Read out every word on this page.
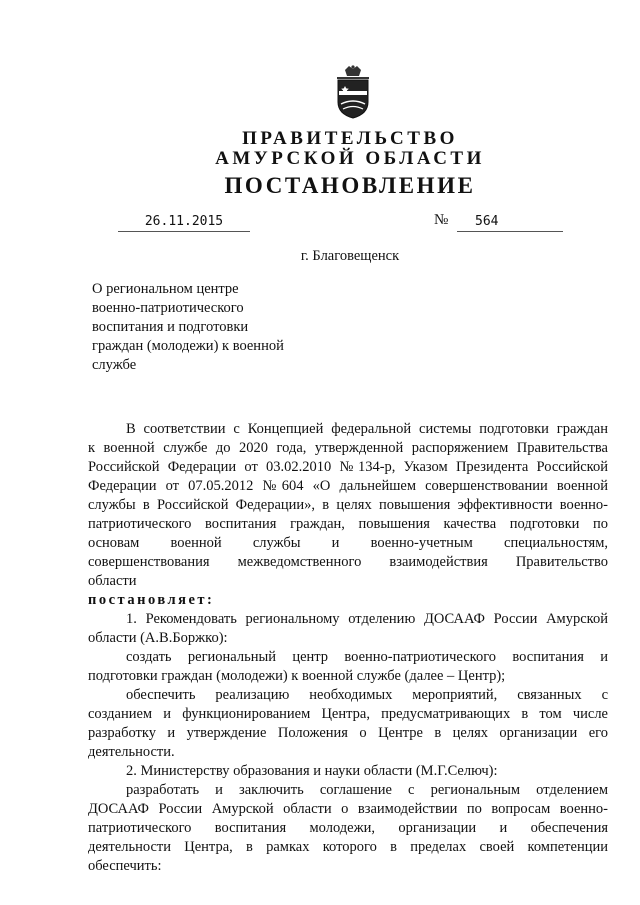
ПРАВИТЕЛЬСТВО
АМУРСКОЙ ОБЛАСТИ
ПОСТАНОВЛЕНИЕ
26.11.2015	№	564
г. Благовещенск
О региональном центре
военно-патриотического
воспитания и подготовки
граждан (молодежи) к военной
службе

В соответствии с Концепцией федеральной системы подготовки граждан

к военной службе до 2020 года, утвержденной распоряжением Правительства

Российской Федерации от 03.02.2010 №134-р, Указом Президента Российской

Федерации от 07.05.2012 №604 «О дальнейшем совершенствовании военной

службы в Российской Федерации», в целях повышения эффективности военно-

патриотического воспитания граждан, повышения качества подготовки по

основам военной службы и военно-учетным специальностям,

совершенствования межведомственного взаимодействия Правительство

области

постановляет:

1. Рекомендовать региональному отделению ДОСААФ России Амурской

области (А.В.Боржко):

создать региональный центр военно-патриотического воспитания и

подготовки граждан (молодежи) к военной службе (далее – Центр);

обеспечить реализацию необходимых мероприятий, связанных с

созданием и функционированием Центра, предусматривающих в том числе

разработку и утверждение Положения о Центре в целях организации его

деятельности.

2. Министерству образования и науки области (М.Г.Селюч):

разработать и заключить соглашение с региональным отделением

ДОСААФ России Амурской области о взаимодействии по вопросам военно-

патриотического воспитания молодежи, организации и обеспечения

деятельности Центра, в рамках которого в пределах своей компетенции

обеспечить:
